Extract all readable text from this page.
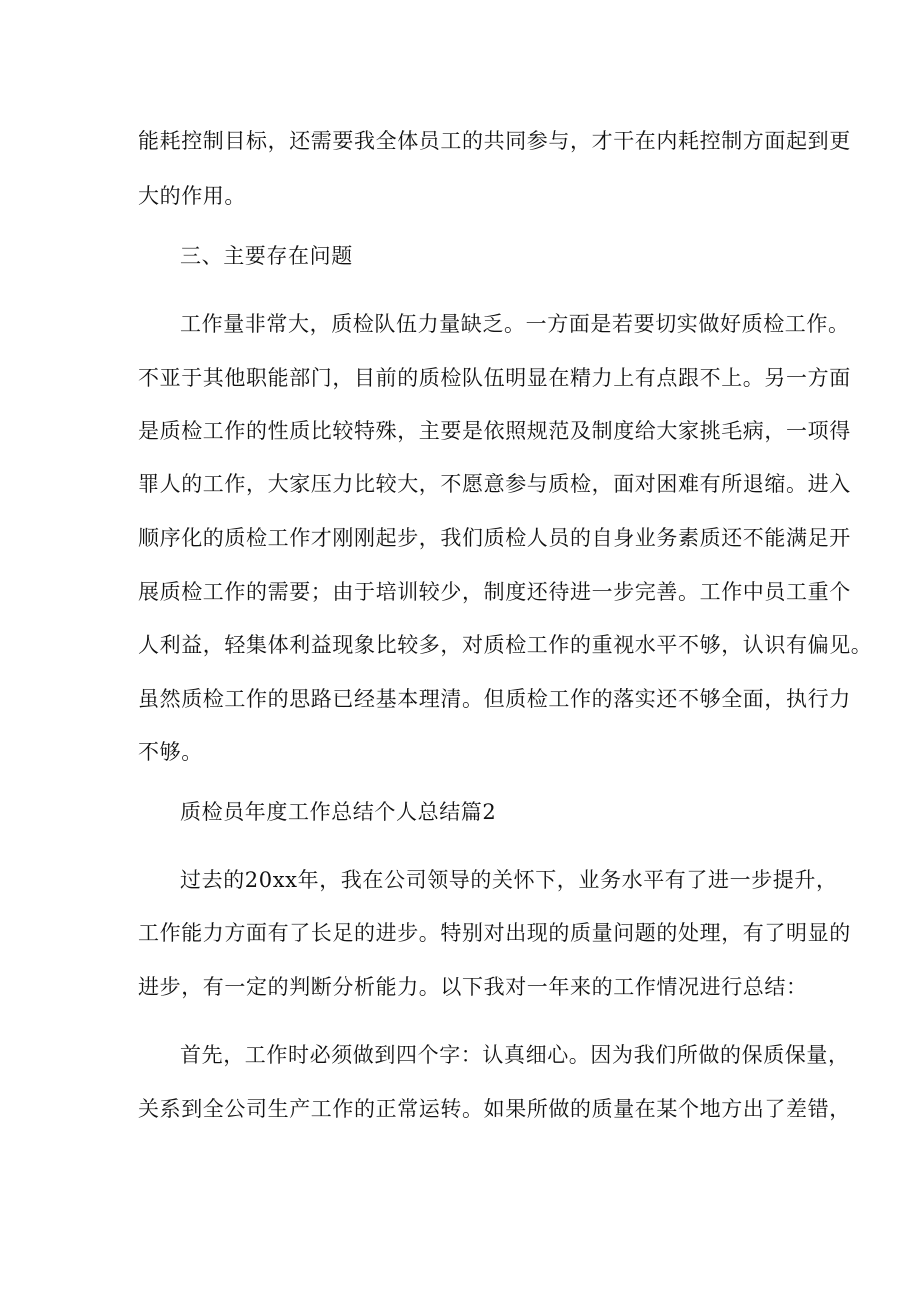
能耗控制目标，还需要我全体员工的共同参与，才干在内耗控制方面起到更
大的作用。
三、主要存在问题
工作量非常大，质检队伍力量缺乏。一方面是若要切实做好质检工作。
不亚于其他职能部门，目前的质检队伍明显在精力上有点跟不上。另一方面
是质检工作的性质比较特殊，主要是依照规范及制度给大家挑毛病，一项得
罪人的工作，大家压力比较大，不愿意参与质检，面对困难有所退缩。进入
顺序化的质检工作才刚刚起步，我们质检人员的自身业务素质还不能满足开
展质检工作的需要；由于培训较少，制度还待进一步完善。工作中员工重个
人利益，轻集体利益现象比较多，对质检工作的重视水平不够，认识有偏见。
虽然质检工作的思路已经基本理清。但质检工作的落实还不够全面，执行力
不够。
质检员年度工作总结个人总结篇2
过去的20xx年，我在公司领导的关怀下，业务水平有了进一步提升，
工作能力方面有了长足的进步。特别对出现的质量问题的处理，有了明显的
进步，有一定的判断分析能力。以下我对一年来的工作情况进行总结：
首先，工作时必须做到四个字：认真细心。因为我们所做的保质保量，
关系到全公司生产工作的正常运转。如果所做的质量在某个地方出了差错，
